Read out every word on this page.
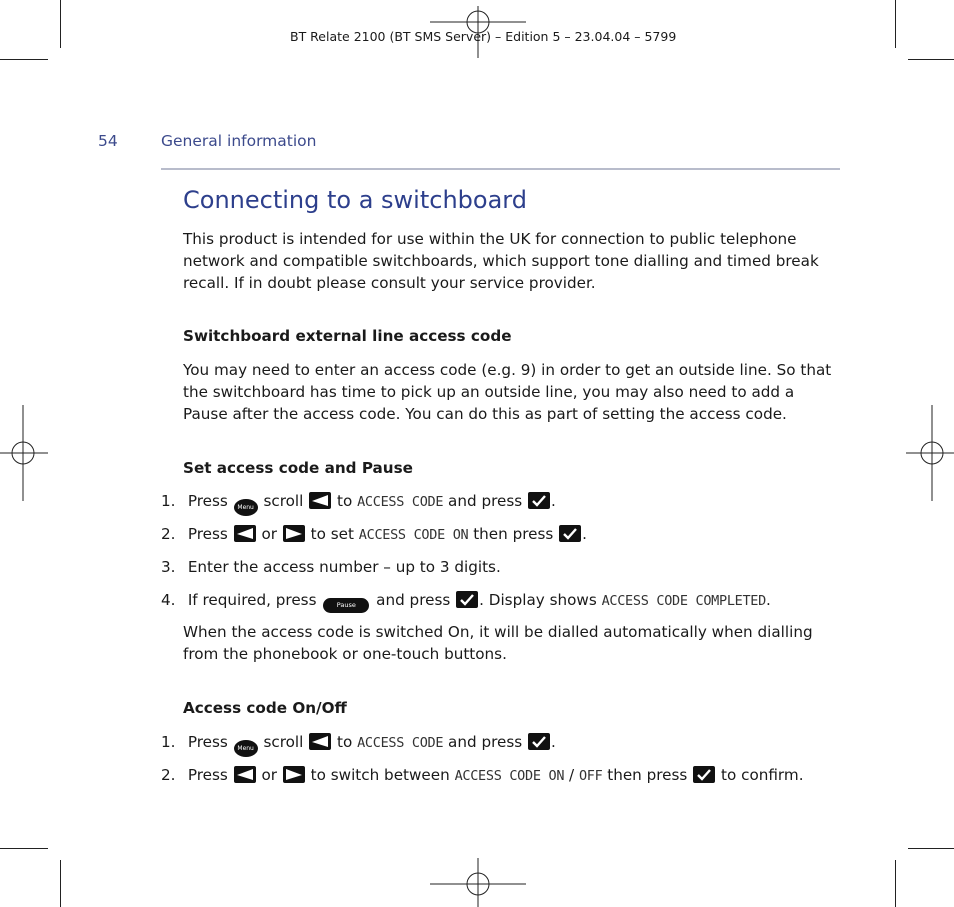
BT Relate 2100 (BT SMS Server) – Edition 5 – 23.04.04 – 5799
54	General information
Connecting to a switchboard
This product is intended for use within the UK for connection to public telephone network and compatible switchboards, which support tone dialling and timed break recall. If in doubt please consult your service provider.
Switchboard external line access code
You may need to enter an access code (e.g. 9) in order to get an outside line. So that the switchboard has time to pick up an outside line, you may also need to add a Pause after the access code. You can do this as part of setting the access code.
Set access code and Pause
1. Press Menu scroll to ACCESS CODE and press .
2. Press or to set ACCESS CODE ON then press .
3. Enter the access number – up to 3 digits.
4. If required, press	Pause and press . Display shows ACCESS CODE COMPLETED.
When the access code is switched On, it will be dialled automatically when dialling from the phonebook or one-touch buttons.
Access code On/Off
1. Press Menu scroll to ACCESS CODE and press .
2. Press or to switch between ACCESS CODE ON / OFF then press to confirm.
